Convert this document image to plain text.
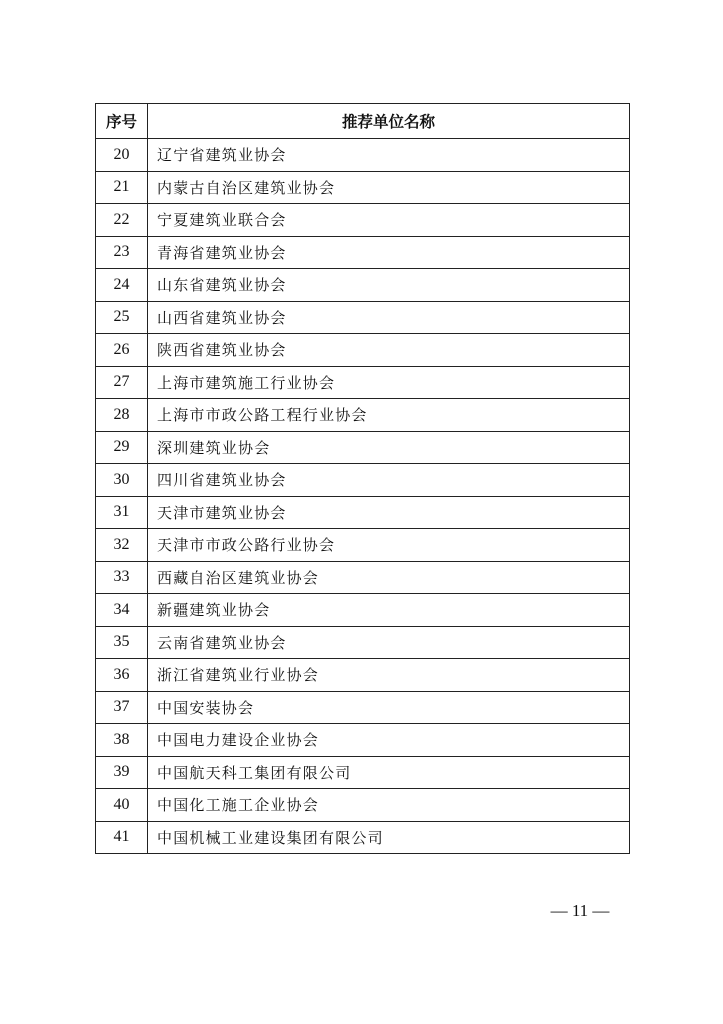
序号	推荐单位名称
20	辽宁省建筑业协会
21	内蒙古自治区建筑业协会
22	宁夏建筑业联合会
23	青海省建筑业协会
24	山东省建筑业协会
25	山西省建筑业协会
26	陕西省建筑业协会
27	上海市建筑施工行业协会
28	上海市市政公路工程行业协会
29	深圳建筑业协会
30	四川省建筑业协会
31	天津市建筑业协会
32	天津市市政公路行业协会
33	西藏自治区建筑业协会
34	新疆建筑业协会
35	云南省建筑业协会
36	浙江省建筑业行业协会
37	中国安装协会
38	中国电力建设企业协会
39	中国航天科工集团有限公司
40	中国化工施工企业协会
41	中国机械工业建设集团有限公司
— 11 —
